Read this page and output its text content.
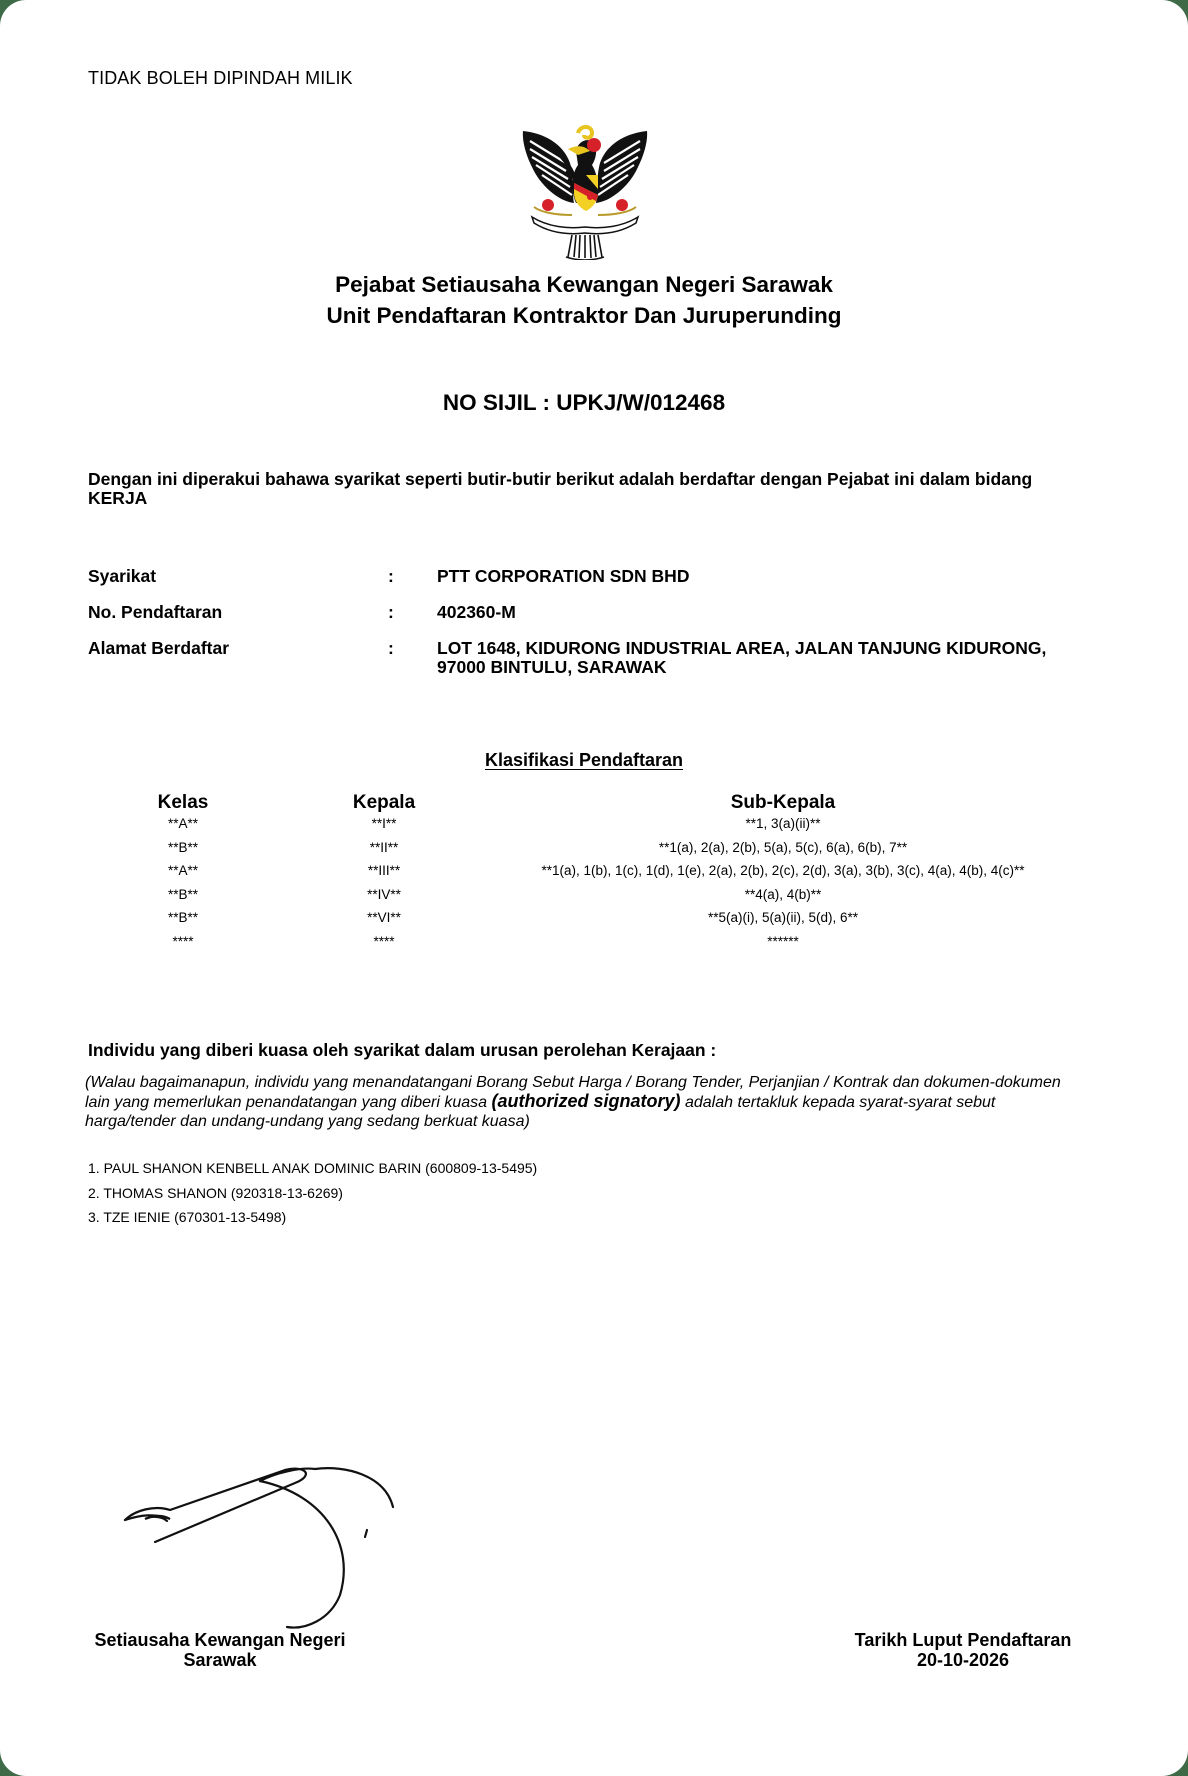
TIDAK BOLEH DIPINDAH MILIK
Pejabat Setiausaha Kewangan Negeri Sarawak
Unit Pendaftaran Kontraktor Dan Juruperunding
NO SIJIL : UPKJ/W/012468
Dengan ini diperakui bahawa syarikat seperti butir-butir berikut adalah berdaftar dengan Pejabat ini dalam bidang KERJA
Syarikat	: PTT CORPORATION SDN BHD
No. Pendaftaran	: 402360-M
Alamat Berdaftar	: LOT 1648, KIDURONG INDUSTRIAL AREA, JALAN TANJUNG KIDURONG, 97000 BINTULU, SARAWAK
Klasifikasi Pendaftaran
Kelas	Kepala	Sub-Kepala
**A**	**I**	**1, 3(a)(ii)**
**B**	**II**	**1(a), 2(a), 2(b), 5(a), 5(c), 6(a), 6(b), 7**
**A**	**III**	**1(a), 1(b), 1(c), 1(d), 1(e), 2(a), 2(b), 2(c), 2(d), 3(a), 3(b), 3(c), 4(a), 4(b), 4(c)**
**B**	**IV**	**4(a), 4(b)**
**B**	**VI**	**5(a)(i), 5(a)(ii), 5(d), 6**
****	****	******
Individu yang diberi kuasa oleh syarikat dalam urusan perolehan Kerajaan :
(Walau bagaimanapun, individu yang menandatangani Borang Sebut Harga / Borang Tender, Perjanjian / Kontrak dan dokumen-dokumen lain yang memerlukan penandatangan yang diberi kuasa (authorized signatory) adalah tertakluk kepada syarat-syarat sebut harga/tender dan undang-undang yang sedang berkuat kuasa)
1. PAUL SHANON KENBELL ANAK DOMINIC BARIN (600809-13-5495)
2. THOMAS SHANON (920318-13-6269)
3. TZE IENIE (670301-13-5498)
Setiausaha Kewangan Negeri
Sarawak
Tarikh Luput Pendaftaran
20-10-2026
